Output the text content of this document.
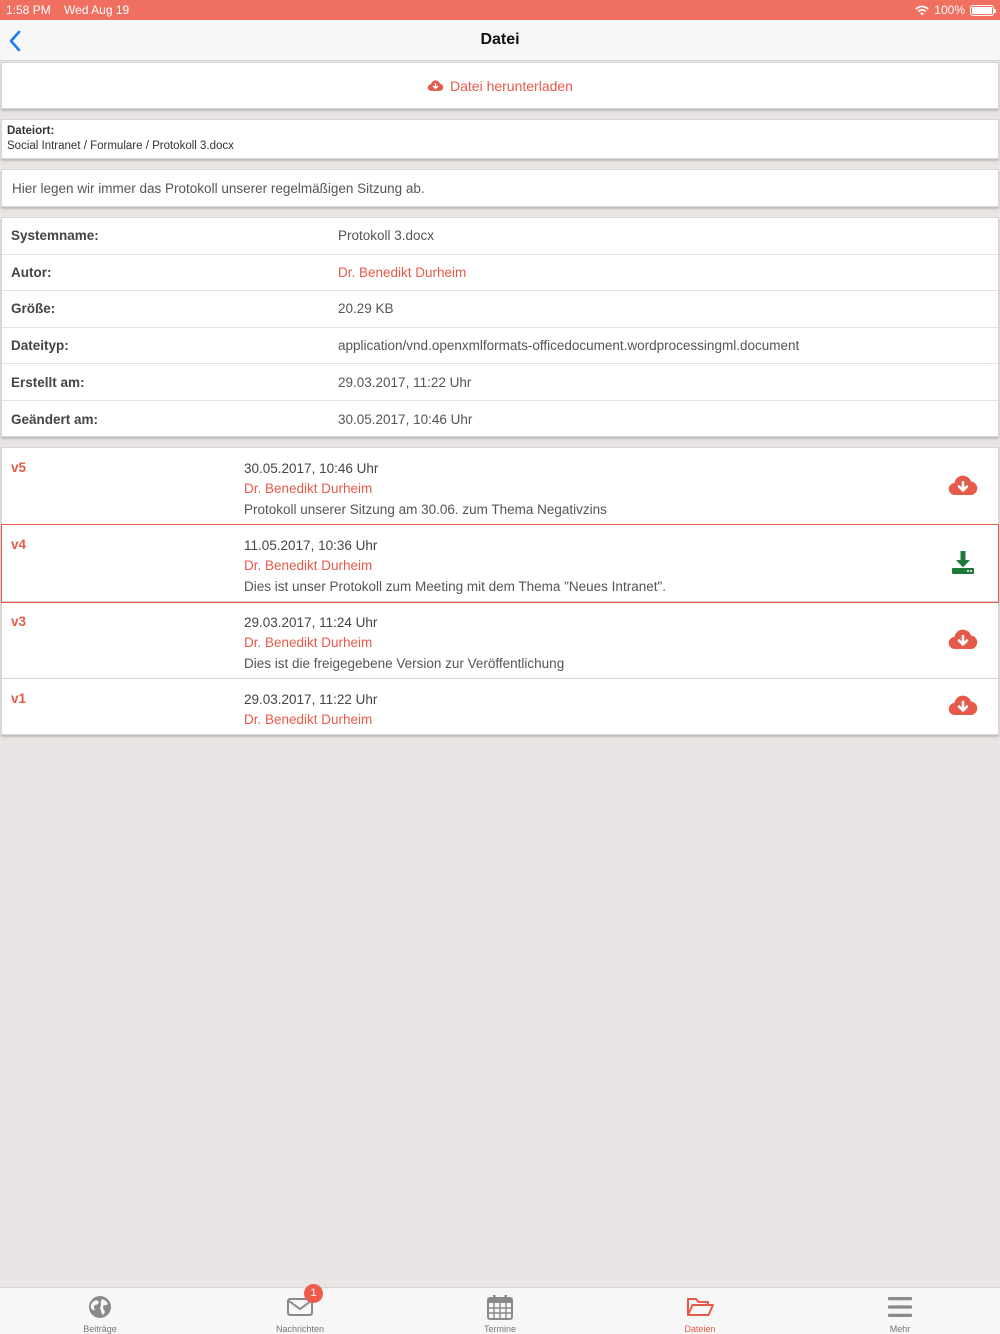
1:58 PM Wed Aug 19	100%
Datei
Datei herunterladen
Dateiort:
Social Intranet / Formulare / Protokoll 3.docx
Hier legen wir immer das Protokoll unserer regelmäßigen Sitzung ab.
Systemname:	Protokoll 3.docx
Autor:	Dr. Benedikt Durheim
Größe:	20.29 KB
Dateityp:	application/vnd.openxmlformats-officedocument.wordprocessingml.document
Erstellt am:	29.03.2017, 11:22 Uhr
Geändert am:	30.05.2017, 10:46 Uhr
v5	30.05.2017, 10:46 Uhr
Dr. Benedikt Durheim
Protokoll unserer Sitzung am 30.06. zum Thema Negativzins
v4	11.05.2017, 10:36 Uhr
Dr. Benedikt Durheim
Dies ist unser Protokoll zum Meeting mit dem Thema "Neues Intranet".
v3	29.03.2017, 11:24 Uhr
Dr. Benedikt Durheim
Dies ist die freigegebene Version zur Veröffentlichung
v1	29.03.2017, 11:22 Uhr
Dr. Benedikt Durheim
Beiträge	Nachrichten	Termine	Dateien	Mehr
1
